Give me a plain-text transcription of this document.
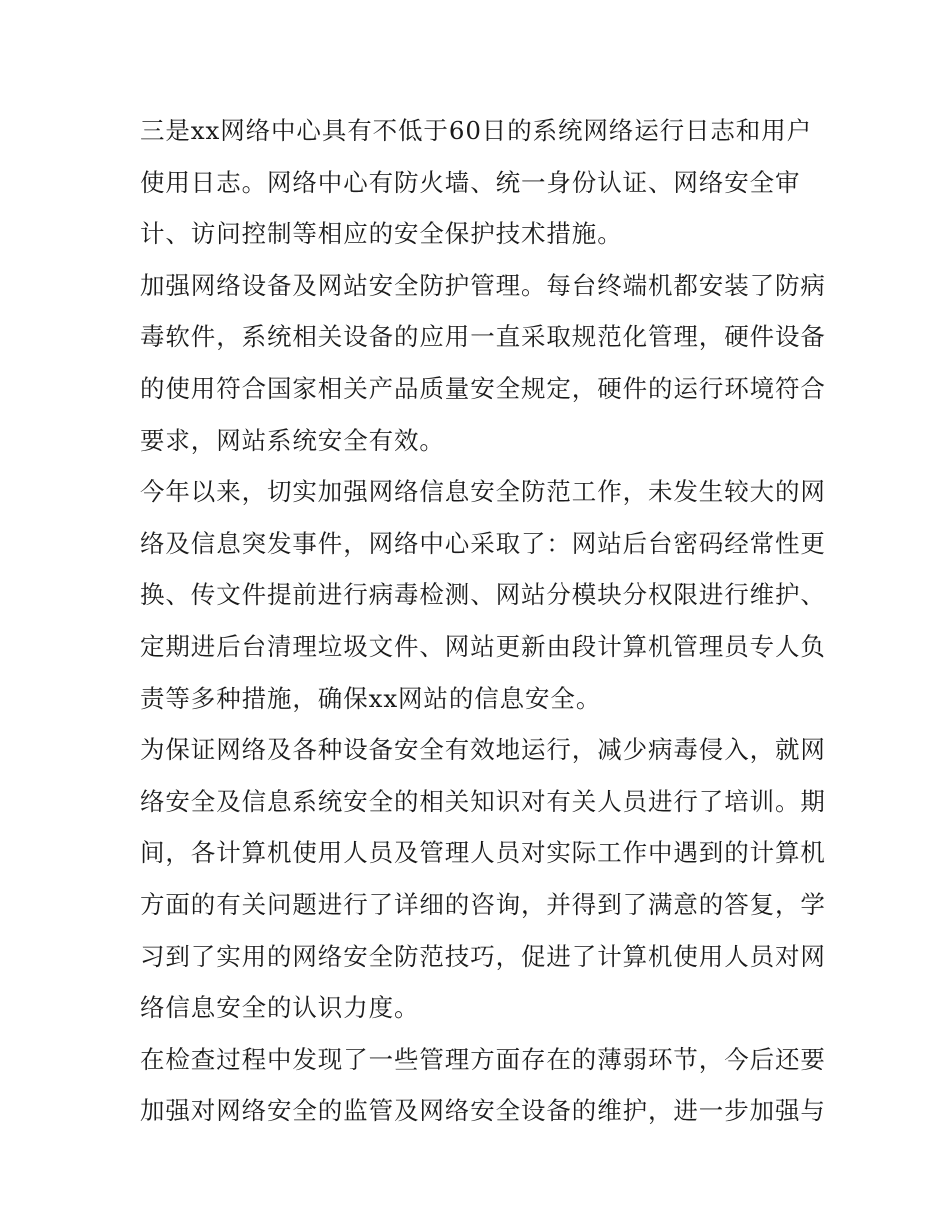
三是xx网络中心具有不低于60日的系统网络运行日志和用户
使用日志。网络中心有防火墙、统一身份认证、网络安全审
计、访问控制等相应的安全保护技术措施。
加强网络设备及网站安全防护管理。每台终端机都安装了防病
毒软件，系统相关设备的应用一直采取规范化管理，硬件设备
的使用符合国家相关产品质量安全规定，硬件的运行环境符合
要求，网站系统安全有效。
今年以来，切实加强网络信息安全防范工作，未发生较大的网
络及信息突发事件，网络中心采取了：网站后台密码经常性更
换、传文件提前进行病毒检测、网站分模块分权限进行维护、
定期进后台清理垃圾文件、网站更新由段计算机管理员专人负
责等多种措施，确保xx网站的信息安全。
为保证网络及各种设备安全有效地运行，减少病毒侵入，就网
络安全及信息系统安全的相关知识对有关人员进行了培训。期
间，各计算机使用人员及管理人员对实际工作中遇到的计算机
方面的有关问题进行了详细的咨询，并得到了满意的答复，学
习到了实用的网络安全防范技巧，促进了计算机使用人员对网
络信息安全的认识力度。
在检查过程中发现了一些管理方面存在的薄弱环节，今后还要
加强对网络安全的监管及网络安全设备的维护，进一步加强与
